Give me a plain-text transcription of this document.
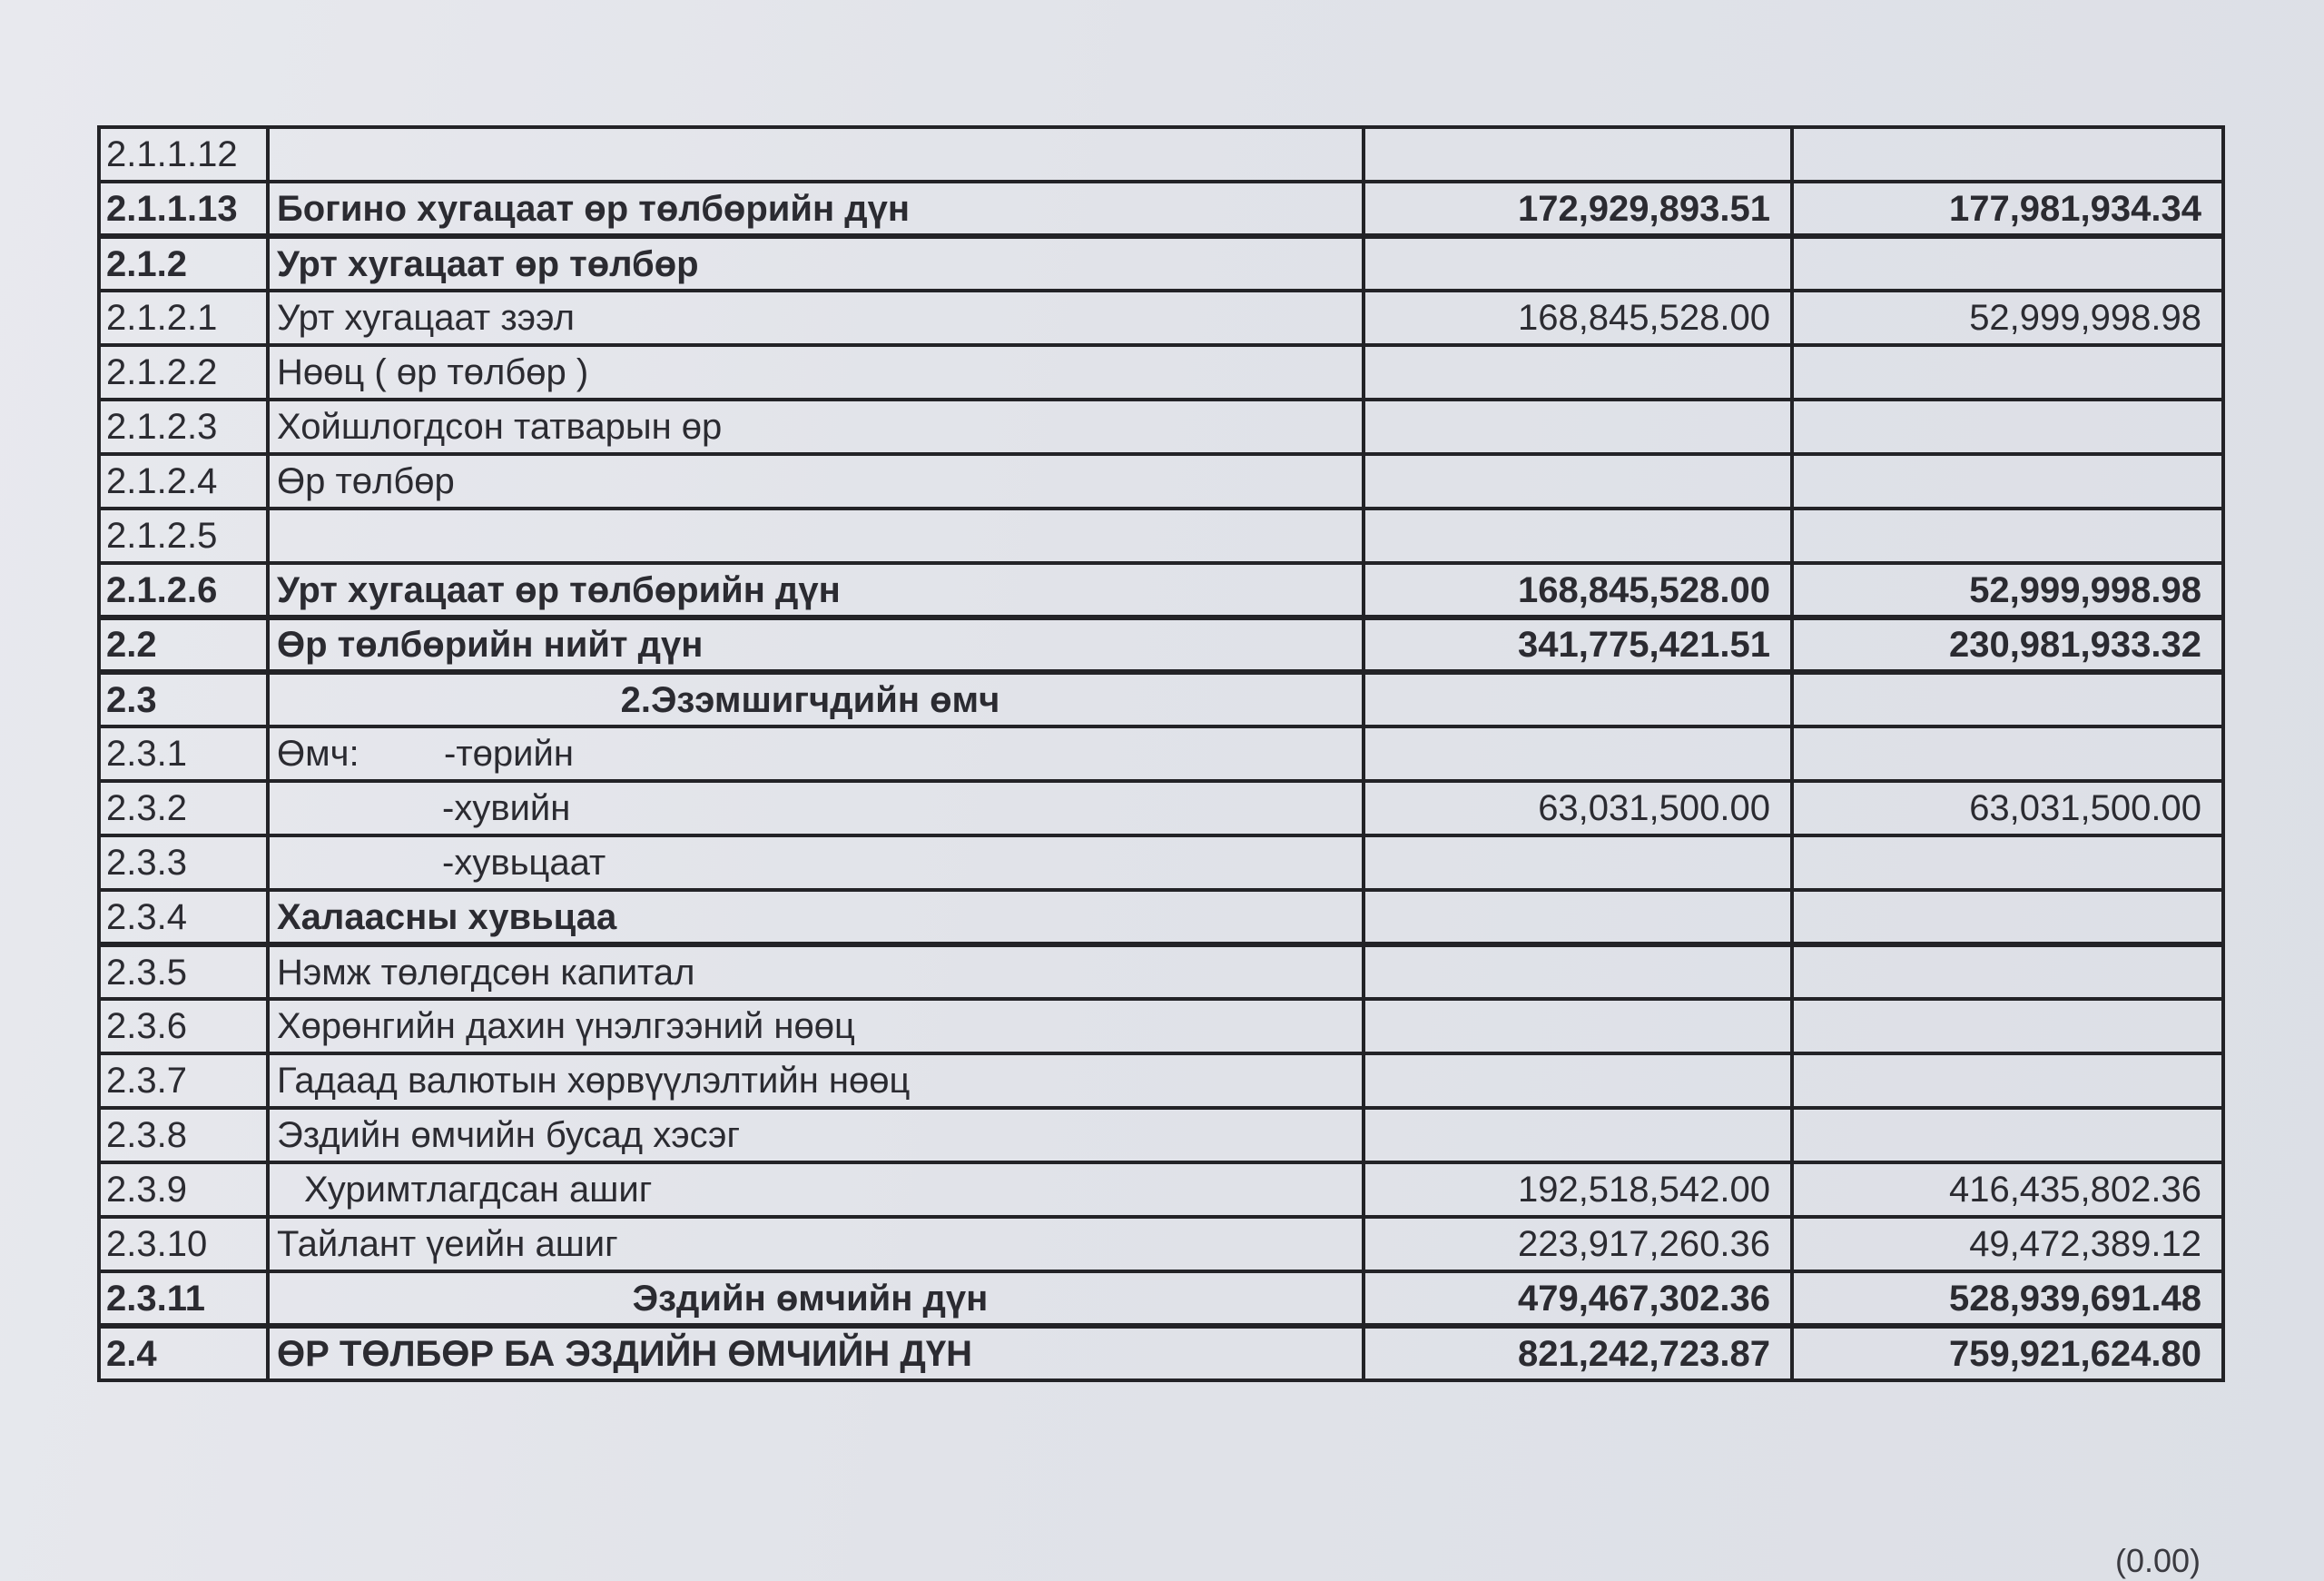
2.1.1.12			
2.1.1.13	Богино хугацаат өр төлбөрийн дүн	172,929,893.51	177,981,934.34
2.1.2	Урт хугацаат өр төлбөр		
2.1.2.1	Урт хугацаат зээл	168,845,528.00	52,999,998.98
2.1.2.2	Нөөц ( өр төлбөр )		
2.1.2.3	Хойшлогдсон татварын өр		
2.1.2.4	Өр төлбөр		
2.1.2.5			
2.1.2.6	Урт хугацаат өр төлбөрийн дүн	168,845,528.00	52,999,998.98
2.2	Өр төлбөрийн нийт дүн	341,775,421.51	230,981,933.32
2.3	2.Эзэмшигчдийн өмч		
2.3.1	Өмч: -төрийн		
2.3.2	-хувийн	63,031,500.00	63,031,500.00
2.3.3	-хувьцаат		
2.3.4	Халаасны хувьцаа		
2.3.5	Нэмж төлөгдсөн капитал		
2.3.6	Хөрөнгийн дахин үнэлгээний нөөц		
2.3.7	Гадаад валютын хөрвүүлэлтийн нөөц		
2.3.8	Эздийн өмчийн бусад хэсэг		
2.3.9	Хуримтлагдсан ашиг	192,518,542.00	416,435,802.36
2.3.10	Тайлант үеийн ашиг	223,917,260.36	49,472,389.12
2.3.11	Эздийн өмчийн дүн	479,467,302.36	528,939,691.48
2.4	ӨР ТӨЛБӨР БА ЭЗДИЙН ӨМЧИЙН ДҮН	821,242,723.87	759,921,624.80
(0.00)
